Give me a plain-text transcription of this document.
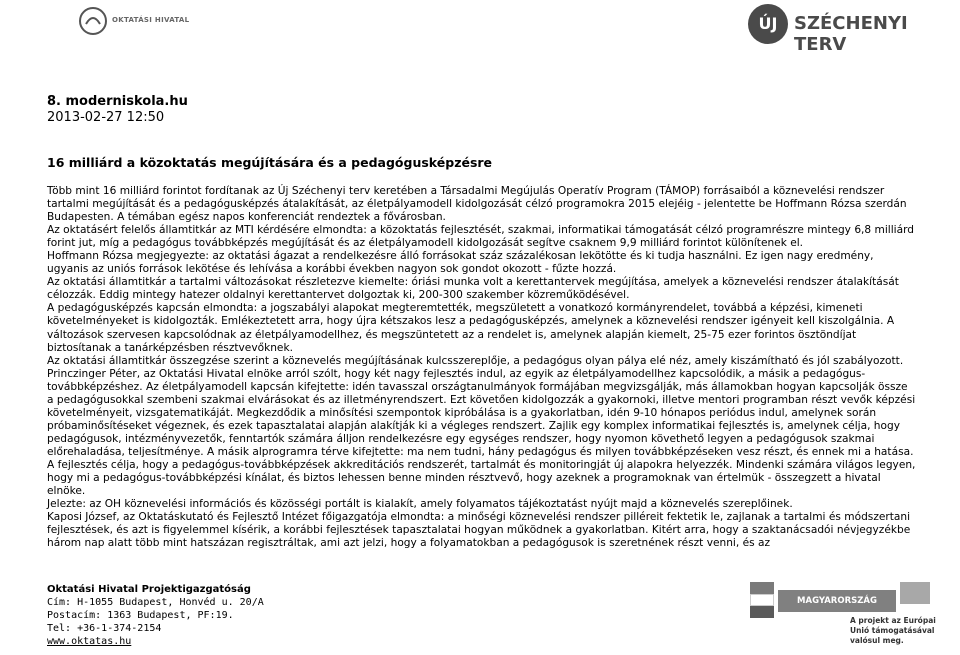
OKTATÁSI HIVATAL	ÚJ SZÉCHENYI TERV
8. moderniskola.hu
2013-02-27 12:50
16 milliárd a közoktatás megújítására és a pedagógusképzésre

Több mint 16 milliárd forintot fordítanak az Új Széchenyi terv keretében a Társadalmi Megújulás Operatív Program (TÁMOP) forrásaiból a köznevelési rendszer tartalmi megújítását és a pedagógusképzés átalakítását, az életpályamodell kidolgozását célzó programokra 2015 elejéig - jelentette be Hoffmann Rózsa szerdán Budapesten. A témában egész napos konferenciát rendeztek a fővárosban.

Az oktatásért felelős államtitkár az MTI kérdésére elmondta: a közoktatás fejlesztését, szakmai, informatikai támogatását célzó programrészre mintegy 6,8 milliárd forint jut, míg a pedagógus továbbképzés megújítását és az életpályamodell kidolgozását segítve csaknem 9,9 milliárd forintot különítenek el.

Hoffmann Rózsa megjegyezte: az oktatási ágazat a rendelkezésre álló forrásokat száz százalékosan lekötötte és ki tudja használni. Ez igen nagy eredmény, ugyanis az uniós források lekötése és lehívása a korábbi években nagyon sok gondot okozott - fűzte hozzá.

Az oktatási államtitkár a tartalmi változásokat részletezve kiemelte: óriási munka volt a kerettantervek megújítása, amelyek a köznevelési rendszer átalakítását célozzák. Eddig mintegy hatezer oldalnyi kerettantervet dolgoztak ki, 200-300 szakember közreműködésével.

A pedagógusképzés kapcsán elmondta: a jogszabályi alapokat megteremtették, megszületett a vonatkozó kormányrendelet, továbbá a képzési, kimeneti követelményeket is kidolgozták. Emlékeztetett arra, hogy újra kétszakos lesz a pedagógusképzés, amelynek a köznevelési rendszer igényeit kell kiszolgálnia. A változások szervesen kapcsolódnak az életpályamodellhez, és megszüntetett az a rendelet is, amelynek alapján kiemelt, 25-75 ezer forintos ösztöndíjat biztosítanak a tanárképzésben résztvevőknek.

Az oktatási államtitkár összegzése szerint a köznevelés megújításának kulcsszereplője, a pedagógus olyan pálya elé néz, amely kiszámítható és jól szabályozott. Princzinger Péter, az Oktatási Hivatal elnöke arról szólt, hogy két nagy fejlesztés indul, az egyik az életpályamodellhez kapcsolódik, a másik a pedagógus-továbbképzéshez. Az életpályamodell kapcsán kifejtette: idén tavasszal országtanulmányok formájában megvizsgálják, más államokban hogyan kapcsolják össze a pedagógusokkal szembeni szakmai elvárásokat és az illetményrendszert. Ezt követően kidolgozzák a gyakornoki, illetve mentori programban részt vevők képzési követelményeit, vizsgatematikáját. Megkezdődik a minősítési szempontok kipróbálása is a gyakorlatban, idén 9-10 hónapos periódus indul, amelynek során próbaminősítéseket végeznek, és ezek tapasztalatai alapján alakítják ki a végleges rendszert. Zajlik egy komplex informatikai fejlesztés is, amelynek célja, hogy pedagógusok, intézményvezetők, fenntartók számára álljon rendelkezésre egy egységes rendszer, hogy nyomon követhető legyen a pedagógusok szakmai előrehaladása, teljesítménye. A másik alprogramra térve kifejtette: ma nem tudni, hány pedagógus és milyen továbbképzéseken vesz részt, és ennek mi a hatása. A fejlesztés célja, hogy a pedagógus-továbbképzések akkreditációs rendszerét, tartalmát és monitoringját új alapokra helyezzék. Mindenki számára világos legyen, hogy mi a pedagógus-továbbképzési kínálat, és biztos lehessen benne minden résztvevő, hogy azeknek a programoknak van értelmük - összegzett a hivatal elnöke.

Jelezte: az OH köznevelési információs és közösségi portált is kialakít, amely folyamatos tájékoztatást nyújt majd a köznevelés szereplőinek.

Kaposi József, az Oktatáskutató és Fejlesztő Intézet főigazgatója elmondta: a minőségi köznevelési rendszer pilléreit fektetik le, zajlanak a tartalmi és módszertani fejlesztések, és azt is figyelemmel kísérik, a korábbi fejlesztések tapasztalatai hogyan működnek a gyakorlatban. Kitért arra, hogy a szaktanácsadói névjegyzékbe három nap alatt több mint hatszázan regisztráltak, ami azt jelzi, hogy a folyamatokban a pedagógusok is szeretnének részt venni, és az

Oktatási Hivatal Projektigazgatóság
Cím: H-1055 Budapest, Honvéd u. 20/A
Postacím: 1363 Budapest, PF:19.
Tel: +36-1-374-2154
www.oktatas.hu
MAGYARORSZÁG MEGÚJUL
A projekt az Európai Unió támogatásával valósul meg.
